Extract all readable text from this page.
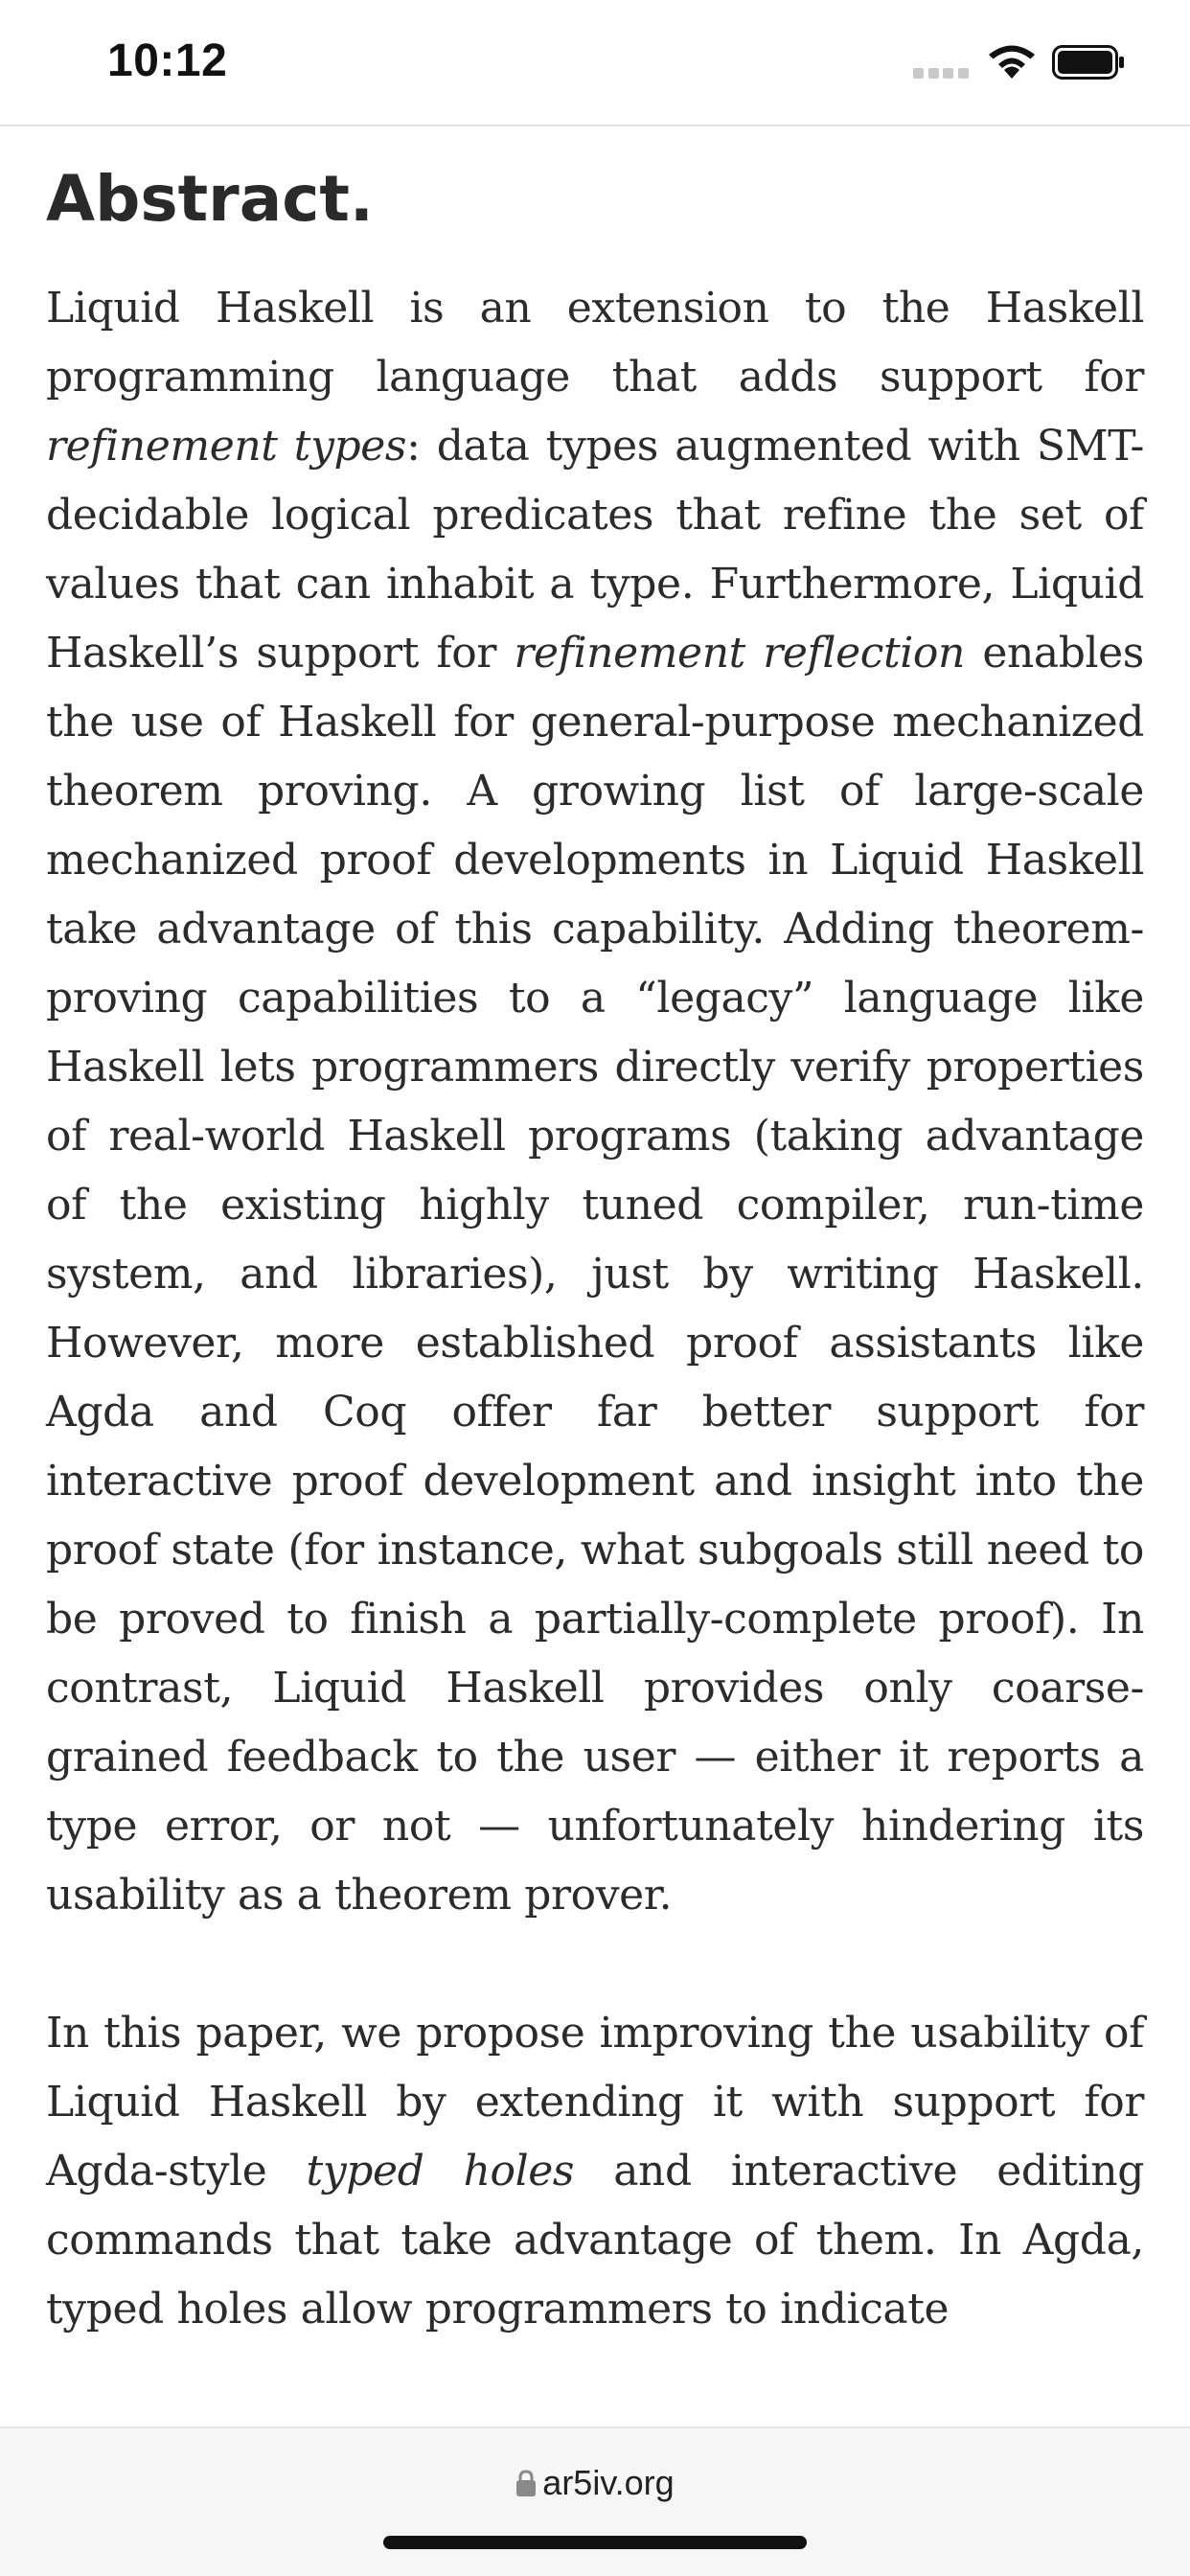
10:12
Abstract.

Liquid Haskell is an extension to the Haskell programming language that adds support for refinement types: data types augmented with SMT-decidable logical predicates that refine the set of values that can inhabit a type. Furthermore, Liquid Haskell’s support for refinement reflection enables the use of Haskell for general-purpose mechanized theorem proving. A growing list of large-scale mechanized proof developments in Liquid Haskell take advantage of this capability. Adding theorem-proving capabilities to a “legacy” language like Haskell lets programmers directly verify properties of real-world Haskell programs (taking advantage of the existing highly tuned compiler, run-time system, and libraries), just by writing Haskell. However, more established proof assistants like Agda and Coq offer far better support for interactive proof development and insight into the proof state (for instance, what subgoals still need to be proved to finish a partially-complete proof). In contrast, Liquid Haskell provides only coarse-grained feedback to the user — either it reports a type error, or not — unfortunately hindering its usability as a theorem prover.

In this paper, we propose improving the usability of Liquid Haskell by extending it with support for Agda-style typed holes and interactive editing commands that take advantage of them. In Agda, typed holes allow programmers to indicate

ar5iv.org
